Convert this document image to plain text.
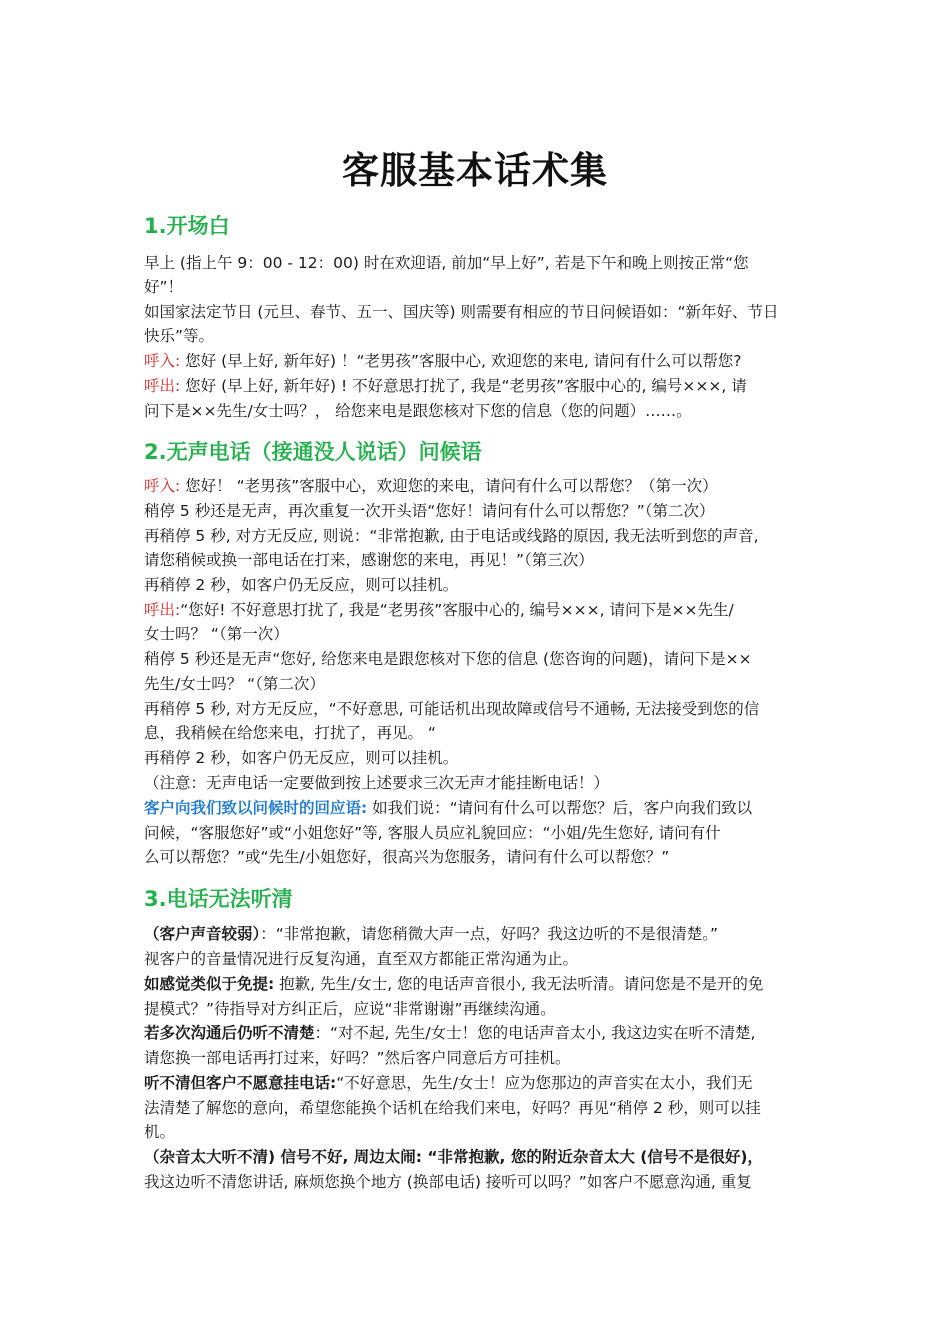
客服基本话术集
1.开场白
早上 (指上午 9：00 - 12：00) 时在欢迎语, 前加“早上好”, 若是下午和晚上则按正常“您
好”！
如国家法定节日 (元旦、春节、五一、国庆等) 则需要有相应的节日问候语如：“新年好、节日
快乐”等。
呼入: 您好 (早上好, 新年好) ！“老男孩”客服中心, 欢迎您的来电, 请问有什么可以帮您?
呼出: 您好 (早上好, 新年好) ! 不好意思打扰了, 我是“老男孩”客服中心的, 编号×××, 请
问下是××先生/女士吗？， 给您来电是跟您核对下您的信息（您的问题）……。
2.无声电话（接通没人说话）问候语
呼入: 您好！ “老男孩”客服中心，欢迎您的来电，请问有什么可以帮您？（第一次）
稍停 5 秒还是无声，再次重复一次开头语“您好！请问有什么可以帮您？”（第二次）
再稍停 5 秒, 对方无反应, 则说：“非常抱歉, 由于电话或线路的原因, 我无法听到您的声音,
请您稍候或换一部电话在打来，感谢您的来电，再见！”（第三次）
再稍停 2 秒，如客户仍无反应，则可以挂机。
呼出:“您好! 不好意思打扰了, 我是“老男孩”客服中心的, 编号×××, 请问下是××先生/
女士吗？ “（第一次）
稍停 5 秒还是无声“您好, 给您来电是跟您核对下您的信息 (您咨询的问题)，请问下是××
先生/女士吗？ “（第二次）
再稍停 5 秒, 对方无反应，“不好意思, 可能话机出现故障或信号不通畅, 无法接受到您的信
息，我稍候在给您来电，打扰了，再见。 “
再稍停 2 秒，如客户仍无反应，则可以挂机。
（注意：无声电话一定要做到按上述要求三次无声才能挂断电话！）
客户向我们致以问候时的回应语: 如我们说：“请问有什么可以帮您？后，客户向我们致以
问候，“客服您好”或“小姐您好”等, 客服人员应礼貌回应：“小姐/先生您好, 请问有什
么可以帮您？”或“先生/小姐您好，很高兴为您服务，请问有什么可以帮您？”
3.电话无法听清
（客户声音较弱）：“非常抱歉，请您稍微大声一点，好吗？我这边听的不是很清楚。”
视客户的音量情况进行反复沟通，直至双方都能正常沟通为止。
如感觉类似于免提: 抱歉, 先生/女士, 您的电话声音很小, 我无法听清。请问您是不是开的免
提模式？”待指导对方纠正后，应说“非常谢谢”再继续沟通。
若多次沟通后仍听不清楚：“对不起, 先生/女士！您的电话声音太小, 我这边实在听不清楚,
请您换一部电话再打过来，好吗？”然后客户同意后方可挂机。
听不清但客户不愿意挂电话:“不好意思，先生/女士！应为您那边的声音实在太小，我们无
法清楚了解您的意向，希望您能换个话机在给我们来电，好吗？再见“稍停 2 秒，则可以挂
机。
（杂音太大听不清) 信号不好, 周边太闹: “非常抱歉, 您的附近杂音太大 (信号不是很好)，
我这边听不清您讲话, 麻烦您换个地方 (换部电话) 接听可以吗？”如客户不愿意沟通, 重复
